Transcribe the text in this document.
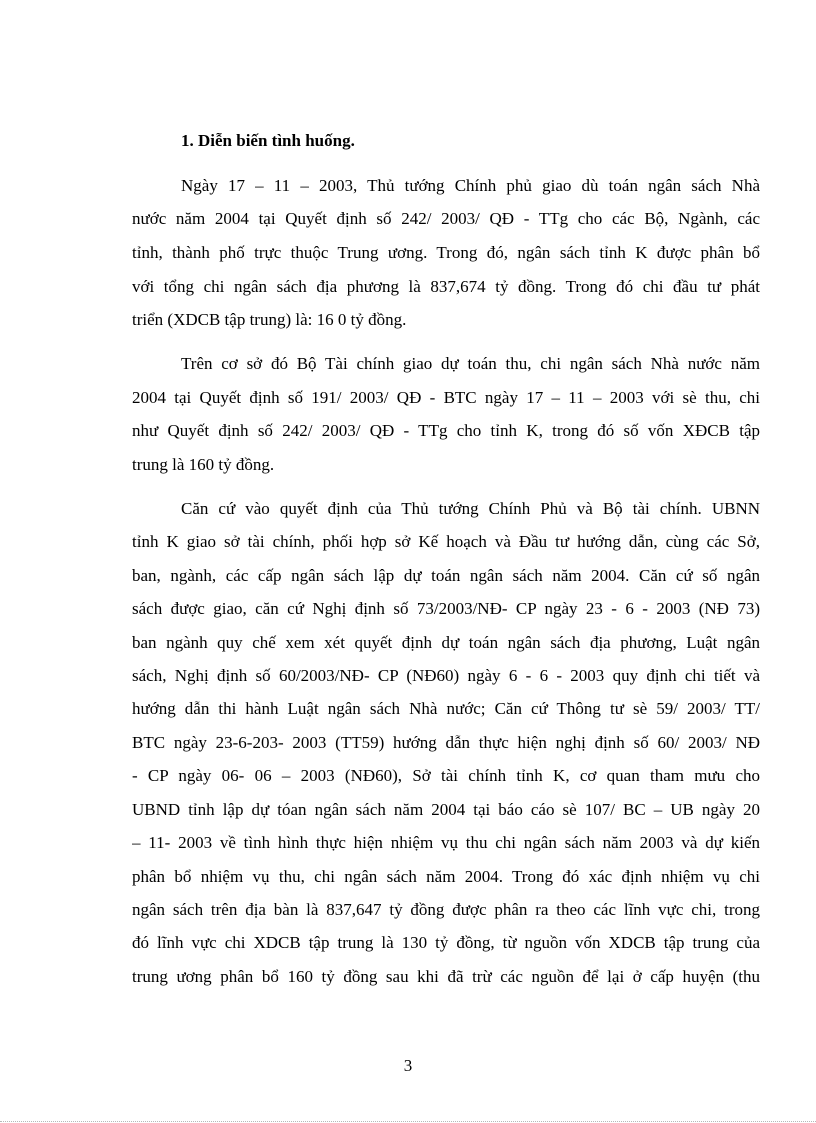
1. Diễn biến tình huống.
Ngày 17 – 11 – 2003, Thủ tướng Chính phủ giao dù toán ngân sách Nhà
nước năm 2004 tại Quyết định số 242/ 2003/ QĐ - TTg cho các Bộ, Ngành, các
tỉnh, thành phố trực thuộc Trung ương. Trong đó, ngân sách tỉnh K được phân bổ
với tổng chi ngân sách địa phương là 837,674 tỷ đồng. Trong đó chi đầu tư phát
triển (XDCB tập trung) là: 16 0 tỷ đồng.
Trên cơ sở đó Bộ Tài chính giao dự toán thu, chi ngân sách Nhà nước năm
2004 tại Quyết định số 191/ 2003/ QĐ - BTC ngày 17 – 11 – 2003 với sè thu, chi
như Quyết định số 242/ 2003/ QĐ - TTg cho tỉnh K, trong đó số vốn XĐCB tập
trung là 160 tỷ đồng.
Căn cứ vào quyết định của Thủ tướng Chính Phủ và Bộ tài chính. UBNN
tỉnh K giao sở tài chính, phối hợp sở Kế hoạch và Đầu tư hướng dẫn, cùng các Sở,
ban, ngành, các cấp ngân sách lập dự toán ngân sách năm 2004. Căn cứ số ngân
sách được giao, căn cứ Nghị định số 73/2003/NĐ- CP ngày 23 - 6 - 2003 (NĐ 73)
ban ngành quy chế xem xét quyết định dự toán ngân sách địa phương, Luật ngân
sách, Nghị định số 60/2003/NĐ- CP (NĐ60) ngày 6 - 6 - 2003 quy định chi tiết và
hướng dẫn thi hành Luật ngân sách Nhà nước; Căn cứ Thông tư sè 59/ 2003/ TT/
BTC ngày 23-6-203- 2003 (TT59) hướng dẫn thực hiện nghị định số 60/ 2003/ NĐ
- CP ngày 06- 06 – 2003 (NĐ60), Sở tài chính tỉnh K, cơ quan tham mưu cho
UBND tỉnh lập dự tóan ngân sách năm 2004 tại báo cáo sè 107/ BC – UB ngày 20
– 11- 2003 về tình hình thực hiện nhiệm vụ thu chi ngân sách năm 2003 và dự kiến
phân bổ nhiệm vụ thu, chi ngân sách năm 2004. Trong đó xác định nhiệm vụ chi
ngân sách trên địa bàn là 837,647 tỷ đồng được phân ra theo các lĩnh vực chi, trong
đó lĩnh vực chi XDCB tập trung là 130 tỷ đồng, từ nguồn vốn XDCB tập trung của
trung ương phân bổ 160 tỷ đồng sau khi đã trừ các nguồn để lại ở cấp huyện (thu
3
